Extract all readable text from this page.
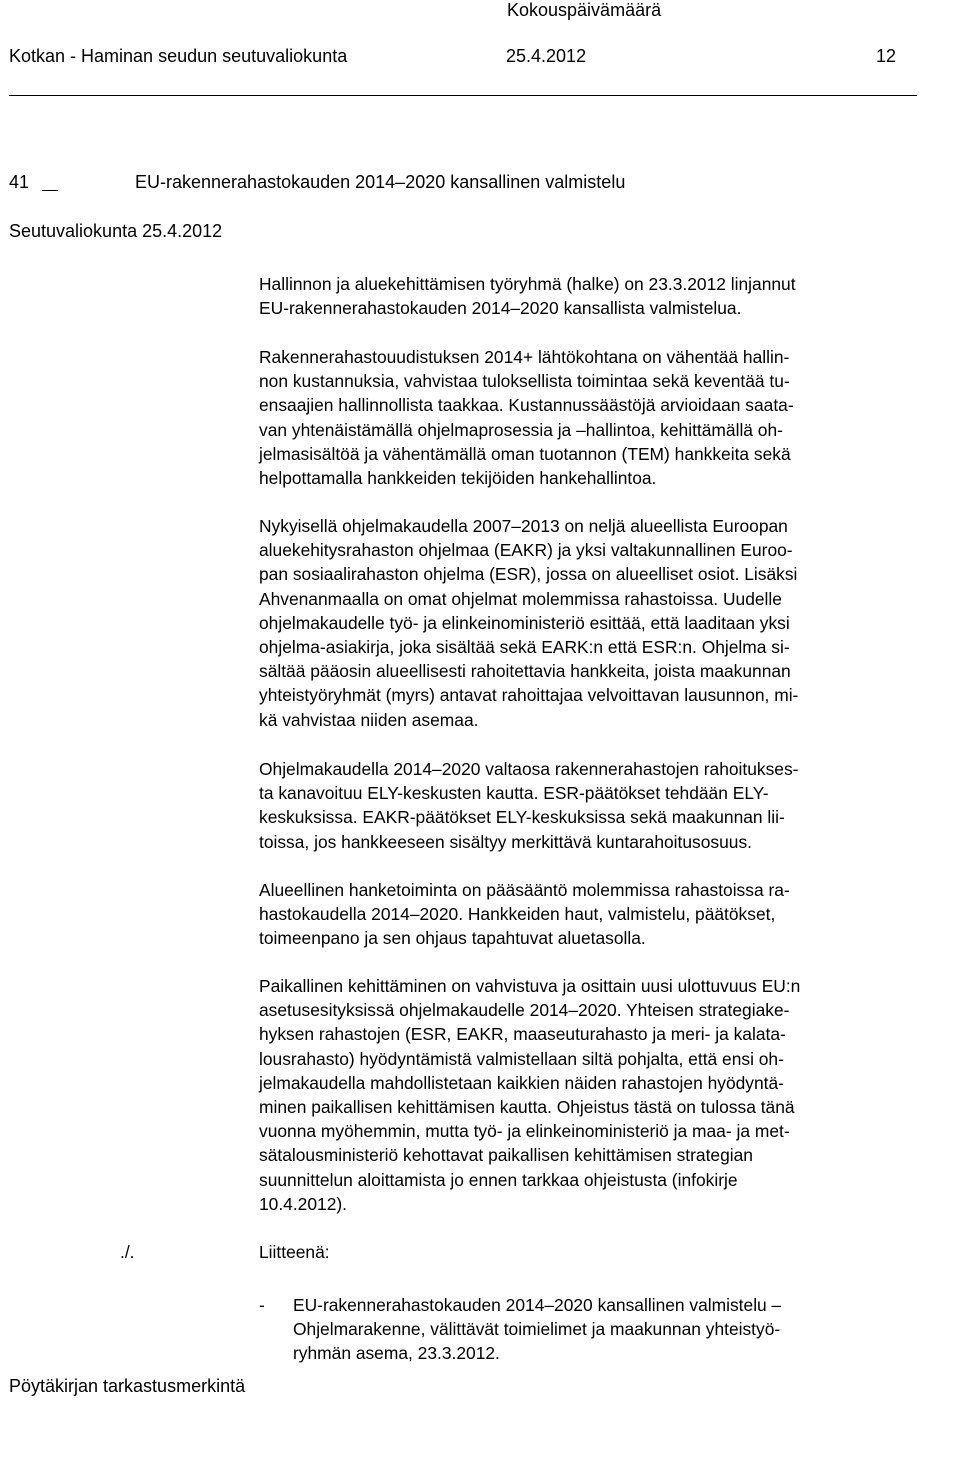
Kokouspäivämäärä
Kotkan - Haminan seudun seutuvaliokunta	25.4.2012	12
41	EU-rakennerahastokauden 2014–2020 kansallinen valmistelu
Seutuvaliokunta 25.4.2012
Hallinnon ja aluekehittämisen työryhmä (halke) on 23.3.2012 linjannut
EU-rakennerahastokauden 2014–2020 kansallista valmistelua.
Rakennerahastouudistuksen 2014+ lähtökohtana on vähentää hallin-
non kustannuksia, vahvistaa tuloksellista toimintaa sekä keventää tu-
ensaajien hallinnollista taakkaa. Kustannussäästöjä arvioidaan saata-
van yhtenäistämällä ohjelmaprosessia ja –hallintoa, kehittämällä oh-
jelmasisältöä ja vähentämällä oman tuotannon (TEM) hankkeita sekä
helpottamalla hankkeiden tekijöiden hankehallintoa.
Nykyisellä ohjelmakaudella 2007–2013 on neljä alueellista Euroopan
aluekehitysrahaston ohjelmaa (EAKR) ja yksi valtakunnallinen Euroo-
pan sosiaalirahaston ohjelma (ESR), jossa on alueelliset osiot. Lisäksi
Ahvenanmaalla on omat ohjelmat molemmissa rahastoissa. Uudelle
ohjelmakaudelle työ- ja elinkeinoministeriö esittää, että laaditaan yksi
ohjelma-asiakirja, joka sisältää sekä EARK:n että ESR:n. Ohjelma si-
sältää pääosin alueellisesti rahoitettavia hankkeita, joista maakunnan
yhteistyöryhmät (myrs) antavat rahoittajaa velvoittavan lausunnon, mi-
kä vahvistaa niiden asemaa.
Ohjelmakaudella 2014–2020 valtaosa rakennerahastojen rahoitukses-
ta kanavoituu ELY-keskusten kautta. ESR-päätökset tehdään ELY-
keskuksissa. EAKR-päätökset ELY-keskuksissa sekä maakunnan lii-
toissa, jos hankkeeseen sisältyy merkittävä kuntarahoitusosuus.
Alueellinen hanketoiminta on pääsääntö molemmissa rahastoissa ra-
hastokaudella 2014–2020. Hankkeiden haut, valmistelu, päätökset,
toimeenpano ja sen ohjaus tapahtuvat aluetasolla.
Paikallinen kehittäminen on vahvistuva ja osittain uusi ulottuvuus EU:n
asetusesityksissä ohjelmakaudelle 2014–2020. Yhteisen strategiake-
hyksen rahastojen (ESR, EAKR, maaseuturahasto ja meri- ja kalata-
lousrahasto) hyödyntämistä valmistellaan siltä pohjalta, että ensi oh-
jelmakaudella mahdollistetaan kaikkien näiden rahastojen hyödyntä-
minen paikallisen kehittämisen kautta. Ohjeistus tästä on tulossa tänä
vuonna myöhemmin, mutta työ- ja elinkeinoministeriö ja maa- ja met-
sätalousministeriö kehottavat paikallisen kehittämisen strategian
suunnittelun aloittamista jo ennen tarkkaa ohjeistusta (infokirje
10.4.2012).
./.	Liitteenä:
- EU-rakennerahastokauden 2014–2020 kansallinen valmistelu –
Ohjelmarakenne, välittävät toimielimet ja maakunnan yhteistyö-
ryhmän asema, 23.3.2012.
Pöytäkirjan tarkastusmerkintä
